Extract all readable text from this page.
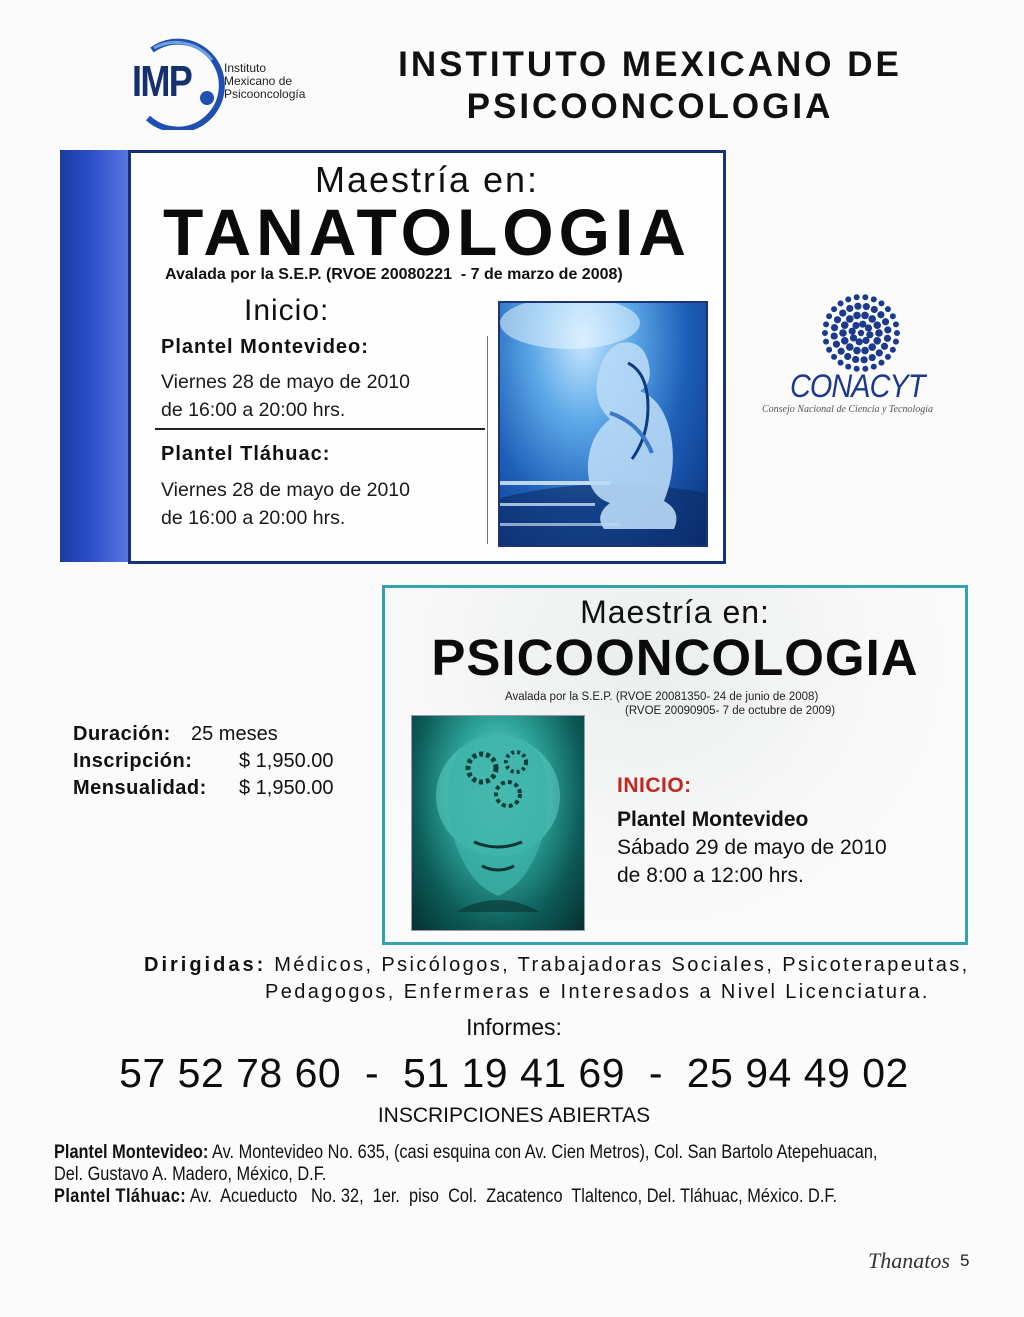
IMP	Instituto
Mexicano de
Psicooncología
INSTITUTO MEXICANO DE
PSICOONCOLOGIA
Maestría en:
TANATOLOGIA
Avalada por la S.E.P. (RVOE 20080221  - 7 de marzo de 2008)
Inicio:
Plantel Montevideo:
Viernes 28 de mayo de 2010
de 16:00 a 20:00 hrs.
Plantel Tláhuac:
Viernes 28 de mayo de 2010
de 16:00 a 20:00 hrs.
CONACYT
Consejo Nacional de Ciencia y Tecnología
Maestría en:
PSICOONCOLOGIA
Avalada por la S.E.P. (RVOE 20081350- 24 de junio de 2008)
(RVOE 20090905- 7 de octubre de 2009)
INICIO:
Plantel Montevideo
Sábado 29 de mayo de 2010
de 8:00 a 12:00 hrs.
Duración: 25 meses
Inscripción: $ 1,950.00
Mensualidad: $ 1,950.00
Dirigidas: Médicos, Psicólogos, Trabajadoras Sociales, Psicoterapeutas,
Pedagogos, Enfermeras e Interesados a Nivel Licenciatura.
Informes:
57 52 78 60  -  51 19 41 69  -  25 94 49 02
INSCRIPCIONES ABIERTAS
Plantel Montevideo: Av. Montevideo No. 635, (casi esquina con Av. Cien Metros), Col. San Bartolo Atepehuacan,
Del. Gustavo A. Madero, México, D.F.
Plantel Tláhuac: Av.  Acueducto   No. 32,  1er.  piso  Col.  Zacatenco  Tlaltenco, Del. Tláhuac, México. D.F.
Thanatos 5
